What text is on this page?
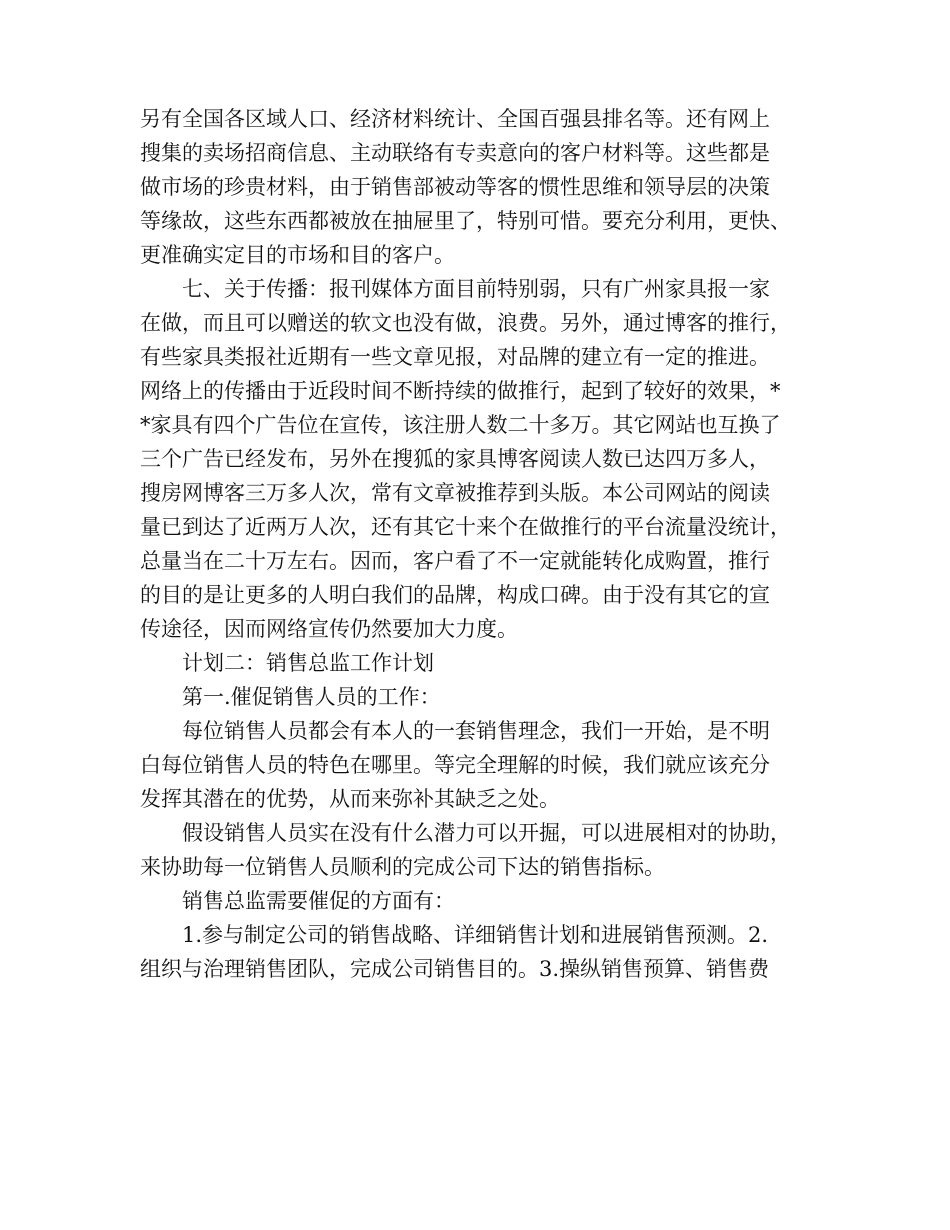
另有全国各区域人口、经济材料统计、全国百强县排名等。还有网上
搜集的卖场招商信息、主动联络有专卖意向的客户材料等。这些都是
做市场的珍贵材料，由于销售部被动等客的惯性思维和领导层的决策
等缘故，这些东西都被放在抽屉里了，特别可惜。要充分利用，更快、
更准确实定目的市场和目的客户。
七、关于传播：报刊媒体方面目前特别弱，只有广州家具报一家
在做，而且可以赠送的软文也没有做，浪费。另外，通过博客的推行，
有些家具类报社近期有一些文章见报，对品牌的建立有一定的推进。
网络上的传播由于近段时间不断持续的做推行，起到了较好的效果，*
*家具有四个广告位在宣传，该注册人数二十多万。其它网站也互换了
三个广告已经发布，另外在搜狐的家具博客阅读人数已达四万多人，
搜房网博客三万多人次，常有文章被推荐到头版。本公司网站的阅读
量已到达了近两万人次，还有其它十来个在做推行的平台流量没统计，
总量当在二十万左右。因而，客户看了不一定就能转化成购置，推行
的目的是让更多的人明白我们的品牌，构成口碑。由于没有其它的宣
传途径，因而网络宣传仍然要加大力度。
计划二：销售总监工作计划
第一.催促销售人员的工作：
每位销售人员都会有本人的一套销售理念，我们一开始，是不明
白每位销售人员的特色在哪里。等完全理解的时候，我们就应该充分
发挥其潜在的优势，从而来弥补其缺乏之处。
假设销售人员实在没有什么潜力可以开掘，可以进展相对的协助，
来协助每一位销售人员顺利的完成公司下达的销售指标。
销售总监需要催促的方面有：
1.参与制定公司的销售战略、详细销售计划和进展销售预测。2.
组织与治理销售团队，完成公司销售目的。3.操纵销售预算、销售费
